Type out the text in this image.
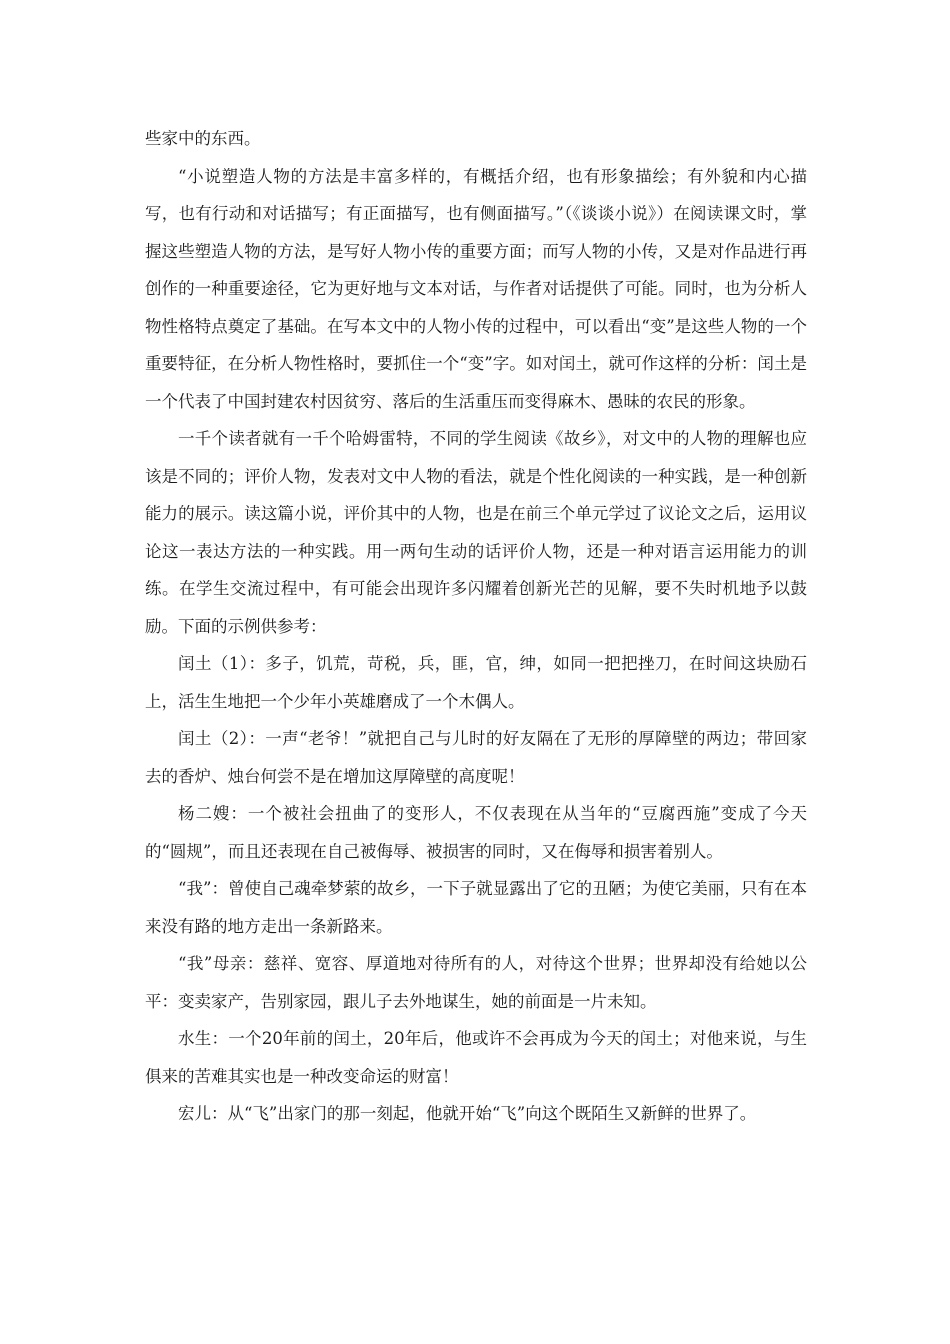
些家中的东西。

“小说塑造人物的方法是丰富多样的，有概括介绍，也有形象描绘；有外貌和内心描写，也有行动和对话描写；有正面描写，也有侧面描写。”（《谈谈小说》）在阅读课文时，掌握这些塑造人物的方法，是写好人物小传的重要方面；而写人物的小传，又是对作品进行再创作的一种重要途径，它为更好地与文本对话，与作者对话提供了可能。同时，也为分析人物性格特点奠定了基础。在写本文中的人物小传的过程中，可以看出“变”是这些人物的一个重要特征，在分析人物性格时，要抓住一个“变”字。如对闰土，就可作这样的分析：闰土是一个代表了中国封建农村因贫穷、落后的生活重压而变得麻木、愚昧的农民的形象。

一千个读者就有一千个哈姆雷特，不同的学生阅读《故乡》，对文中的人物的理解也应该是不同的；评价人物，发表对文中人物的看法，就是个性化阅读的一种实践，是一种创新能力的展示。读这篇小说，评价其中的人物，也是在前三个单元学过了议论文之后，运用议论这一表达方法的一种实践。用一两句生动的话评价人物，还是一种对语言运用能力的训练。在学生交流过程中，有可能会出现许多闪耀着创新光芒的见解，要不失时机地予以鼓励。下面的示例供参考：

闰土（1）：多子，饥荒，苛税，兵，匪，官，绅，如同一把把挫刀，在时间这块励石上，活生生地把一个少年小英雄磨成了一个木偶人。

闰土（2）：一声“老爷！”就把自己与儿时的好友隔在了无形的厚障壁的两边；带回家去的香炉、烛台何尝不是在增加这厚障壁的高度呢！

杨二嫂：一个被社会扭曲了的变形人，不仅表现在从当年的“豆腐西施”变成了今天的“圆规”，而且还表现在自己被侮辱、被损害的同时，又在侮辱和损害着别人。

“我”：曾使自己魂牵梦萦的故乡，一下子就显露出了它的丑陋；为使它美丽，只有在本来没有路的地方走出一条新路来。

“我”母亲：慈祥、宽容、厚道地对待所有的人，对待这个世界；世界却没有给她以公平：变卖家产，告别家园，跟儿子去外地谋生，她的前面是一片未知。

水生：一个20年前的闰土，20年后，他或许不会再成为今天的闰土；对他来说，与生俱来的苦难其实也是一种改变命运的财富！

宏儿：从“飞”出家门的那一刻起，他就开始“飞”向这个既陌生又新鲜的世界了。
